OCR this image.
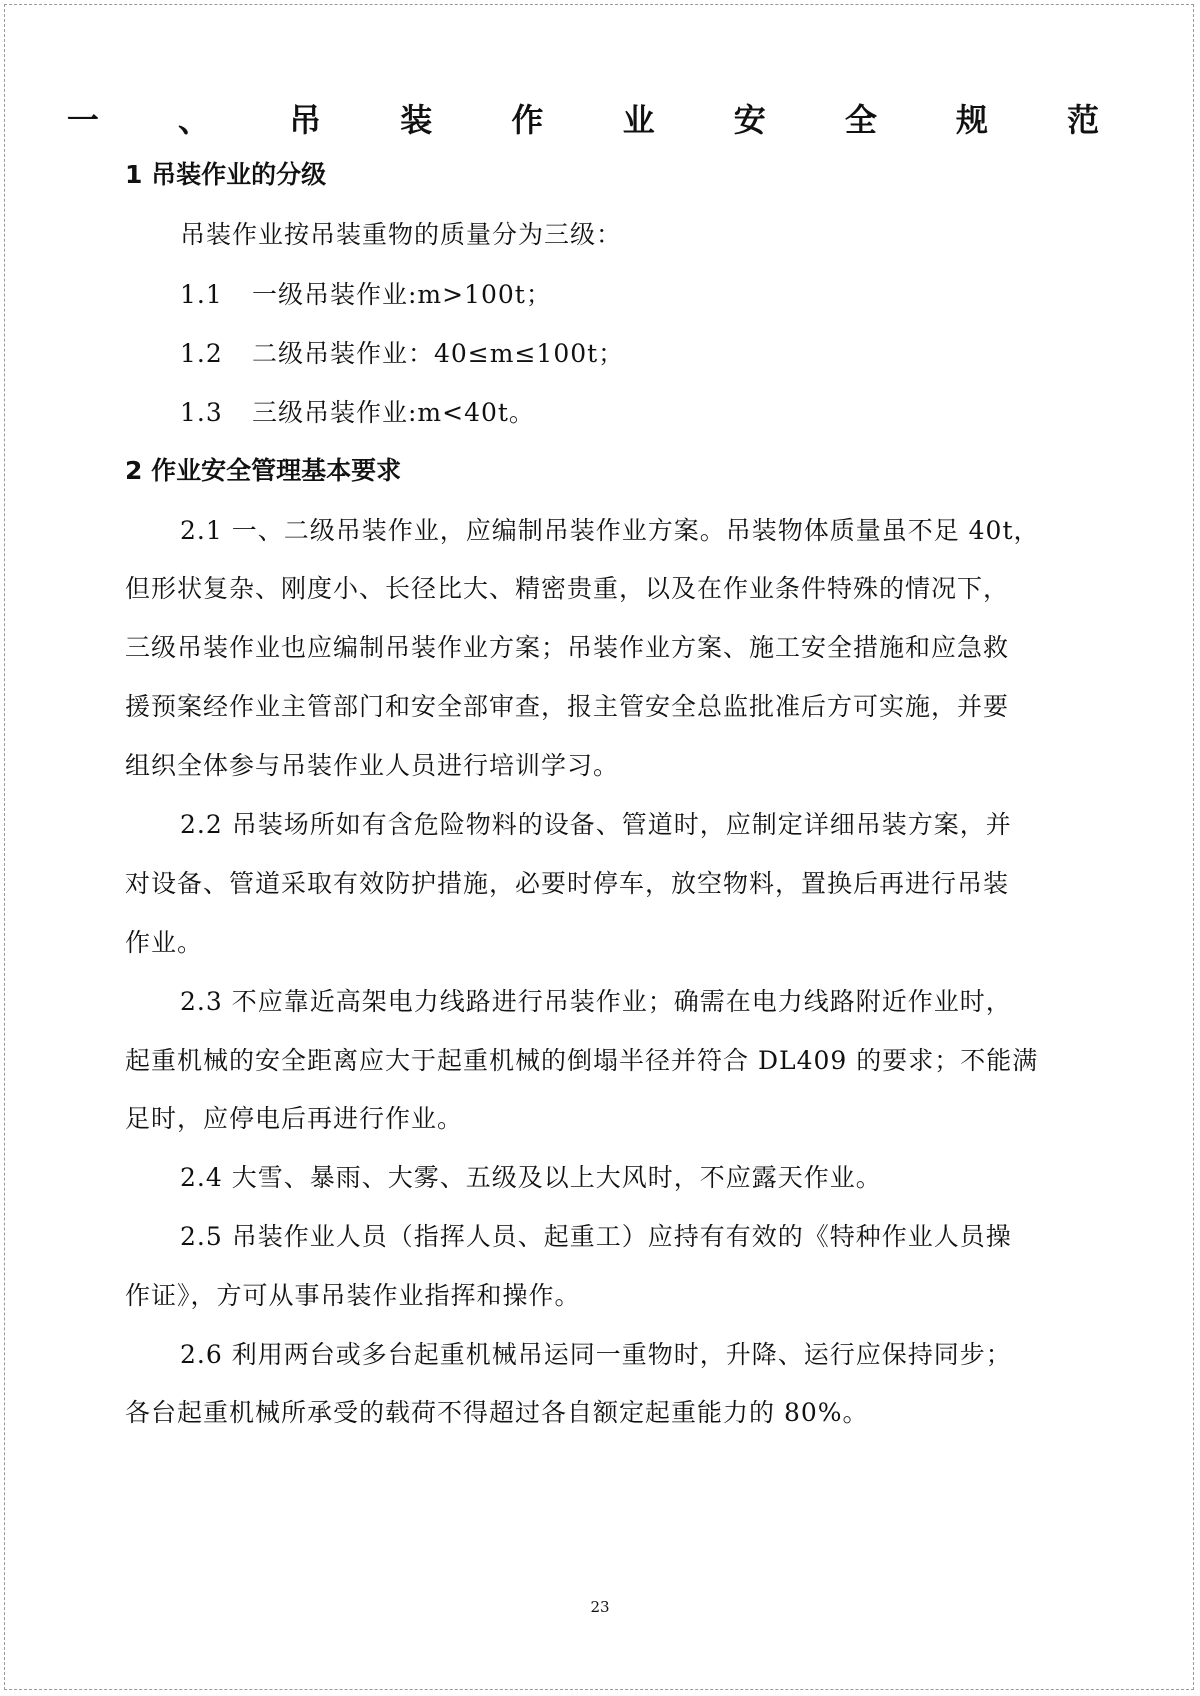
一 、 吊 装 作 业 安 全 规 范
1 吊装作业的分级
吊装作业按吊装重物的质量分为三级：
1.1 一级吊装作业:m>100t；
1.2 二级吊装作业：40≤m≤100t；
1.3 三级吊装作业:m<40t。
2 作业安全管理基本要求
2.1 一、二级吊装作业，应编制吊装作业方案。吊装物体质量虽不足 40t，
但形状复杂、刚度小、长径比大、精密贵重，以及在作业条件特殊的情况下，
三级吊装作业也应编制吊装作业方案；吊装作业方案、施工安全措施和应急救
援预案经作业主管部门和安全部审查，报主管安全总监批准后方可实施，并要
组织全体参与吊装作业人员进行培训学习。
2.2 吊装场所如有含危险物料的设备、管道时，应制定详细吊装方案，并
对设备、管道采取有效防护措施，必要时停车，放空物料，置换后再进行吊装
作业。
2.3 不应靠近高架电力线路进行吊装作业；确需在电力线路附近作业时，
起重机械的安全距离应大于起重机械的倒塌半径并符合 DL409 的要求；不能满
足时，应停电后再进行作业。
2.4 大雪、暴雨、大雾、五级及以上大风时，不应露天作业。
2.5 吊装作业人员（指挥人员、起重工）应持有有效的《特种作业人员操
作证》，方可从事吊装作业指挥和操作。
2.6 利用两台或多台起重机械吊运同一重物时，升降、运行应保持同步；
各台起重机械所承受的载荷不得超过各自额定起重能力的 80%。
23
